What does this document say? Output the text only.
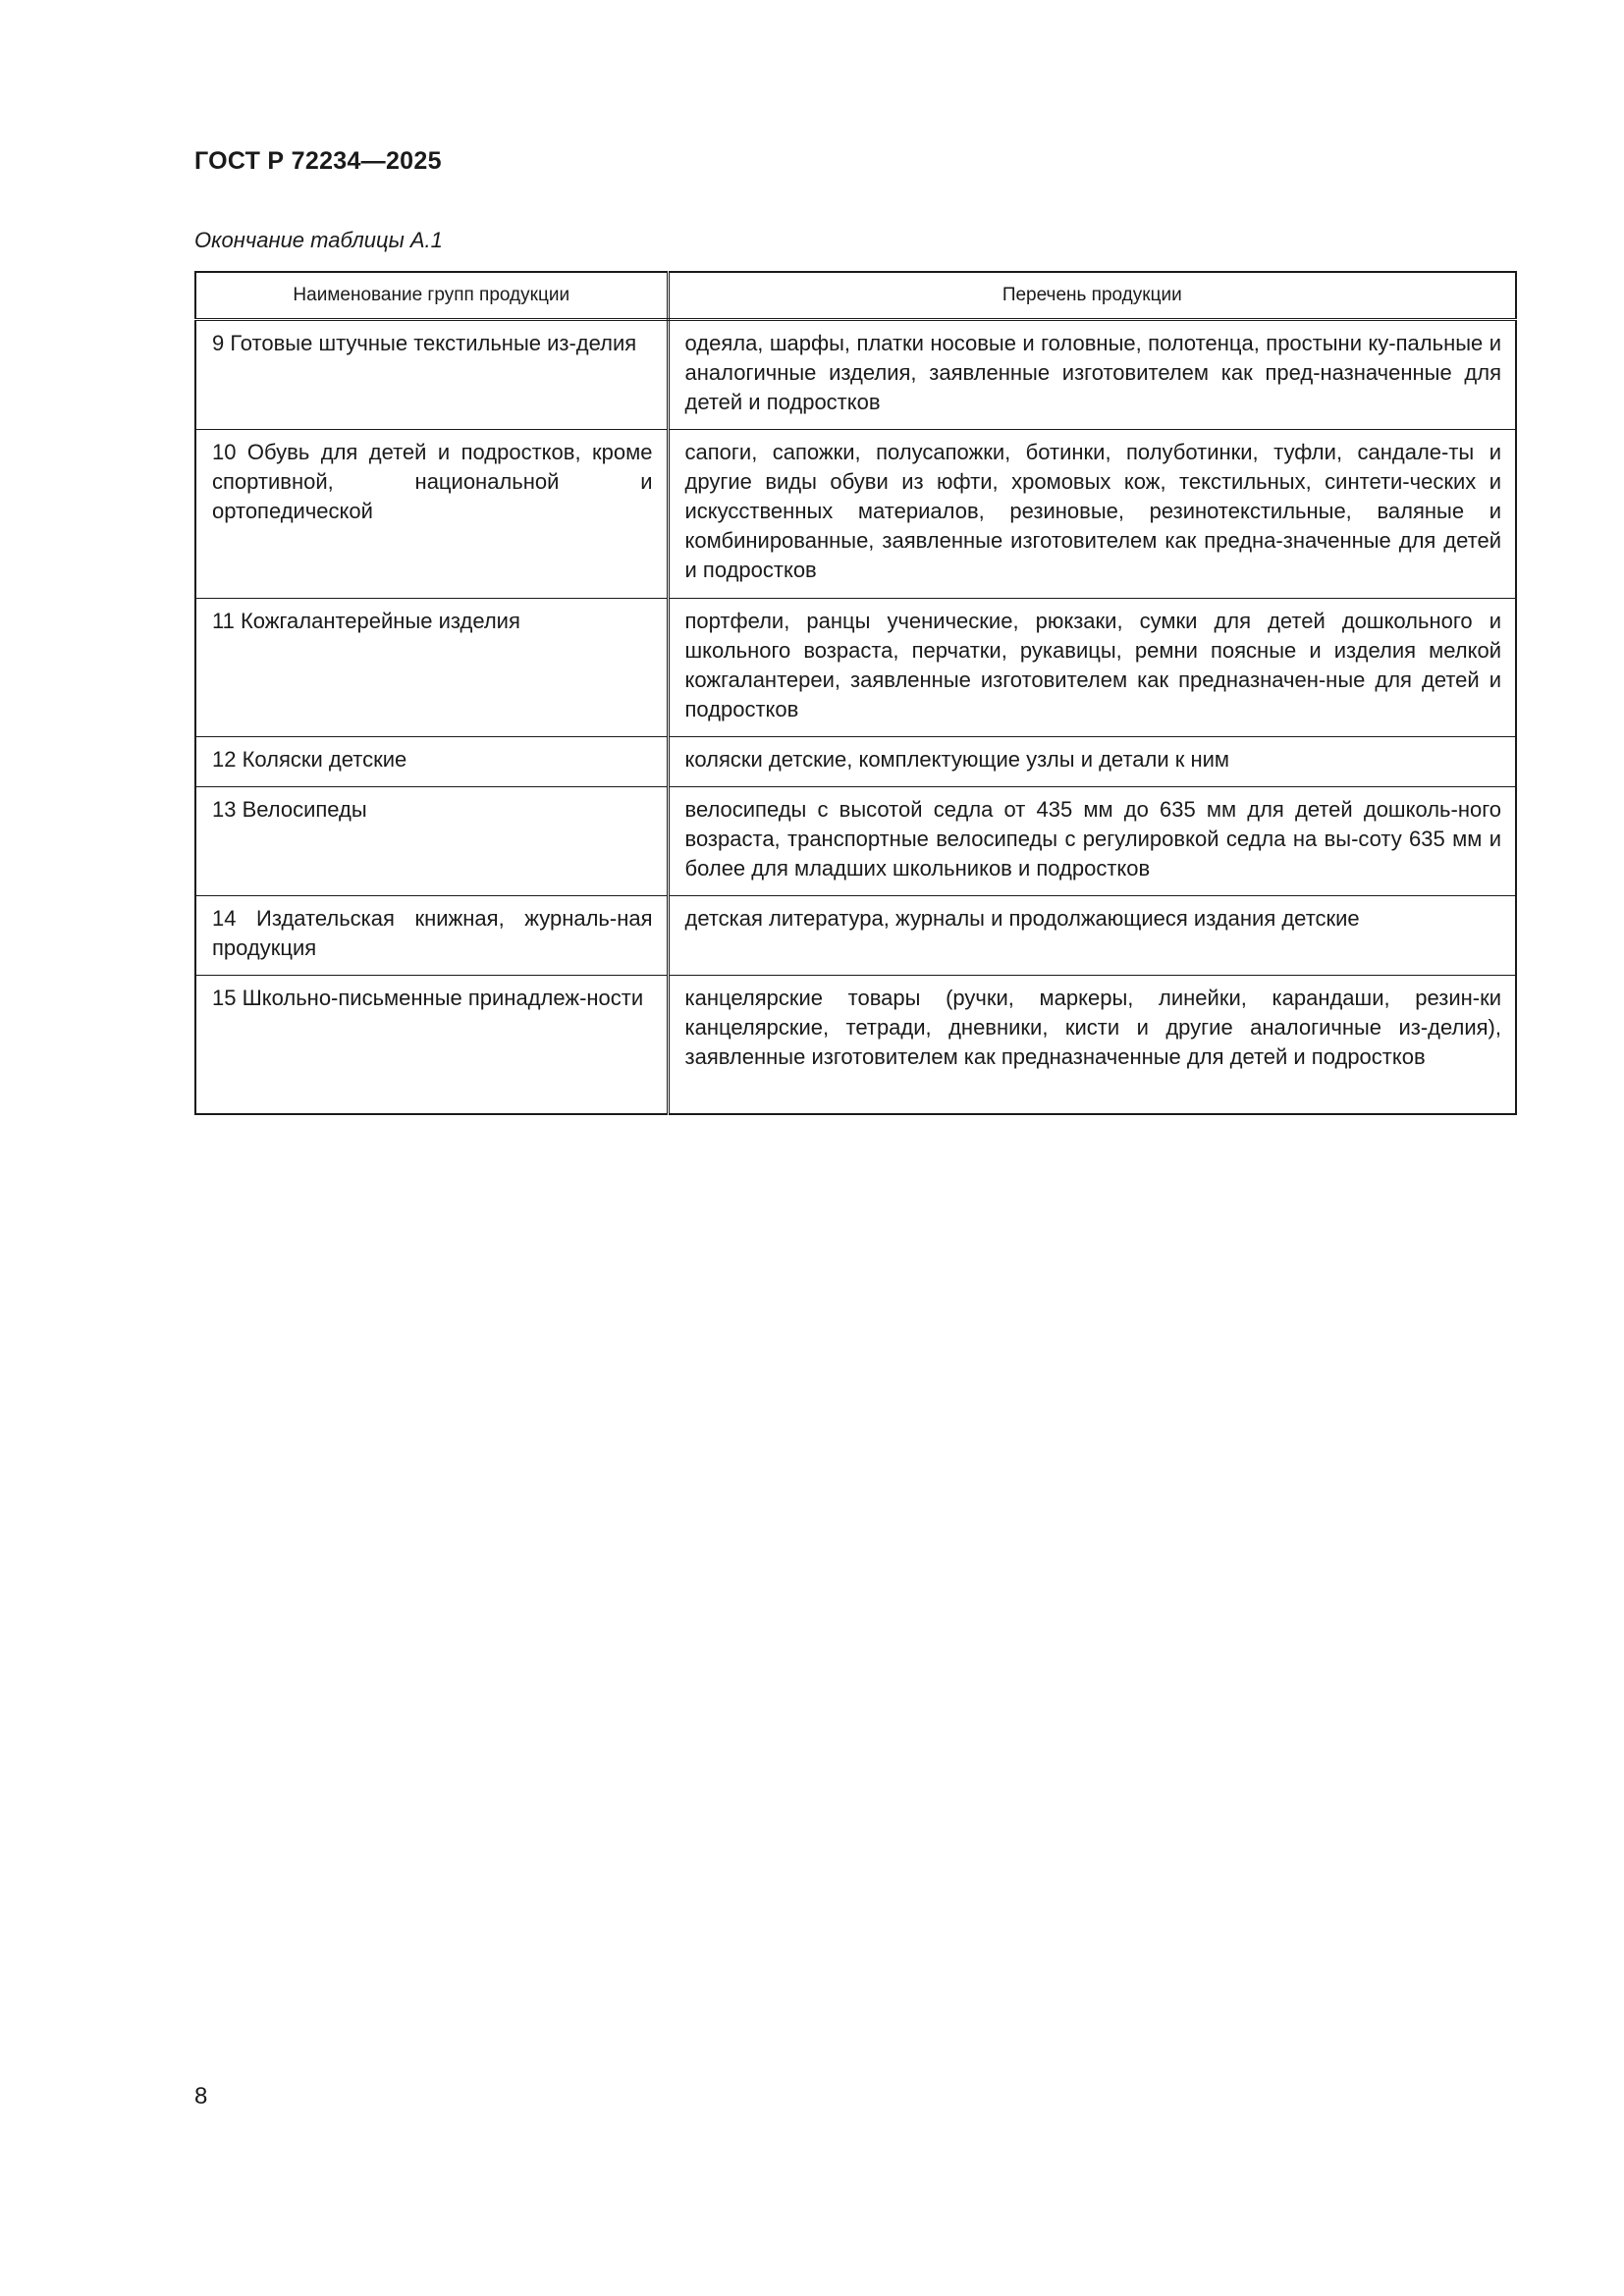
ГОСТ Р 72234—2025
Окончание таблицы А.1
Наименование групп продукции	Перечень продукции
9 Готовые штучные текстильные из-делия	одеяла, шарфы, платки носовые и головные, полотенца, простыни ку-пальные и аналогичные изделия, заявленные изготовителем как пред-назначенные для детей и подростков
10 Обувь для детей и подростков, кроме спортивной, национальной и ортопедической	сапоги, сапожки, полусапожки, ботинки, полуботинки, туфли, сандале-ты и другие виды обуви из юфти, хромовых кож, текстильных, синтети-ческих и искусственных материалов, резиновые, резинотекстильные, валяные и комбинированные, заявленные изготовителем как предна-значенные для детей и подростков
11 Кожгалантерейные изделия	портфели, ранцы ученические, рюкзаки, сумки для детей дошкольного и школьного возраста, перчатки, рукавицы, ремни поясные и изделия мелкой кожгалантереи, заявленные изготовителем как предназначен-ные для детей и подростков
12 Коляски детские	коляски детские, комплектующие узлы и детали к ним
13 Велосипеды	велосипеды с высотой седла от 435 мм до 635 мм для детей дошколь-ного возраста, транспортные велосипеды с регулировкой седла на вы-соту 635 мм и более для младших школьников и подростков
14 Издательская книжная, журналь-ная продукция	детская литература, журналы и продолжающиеся издания детские
15 Школьно-письменные принадлеж-ности	канцелярские товары (ручки, маркеры, линейки, карандаши, резин-ки канцелярские, тетради, дневники, кисти и другие аналогичные из-делия), заявленные изготовителем как предназначенные для детей и подростков
8
